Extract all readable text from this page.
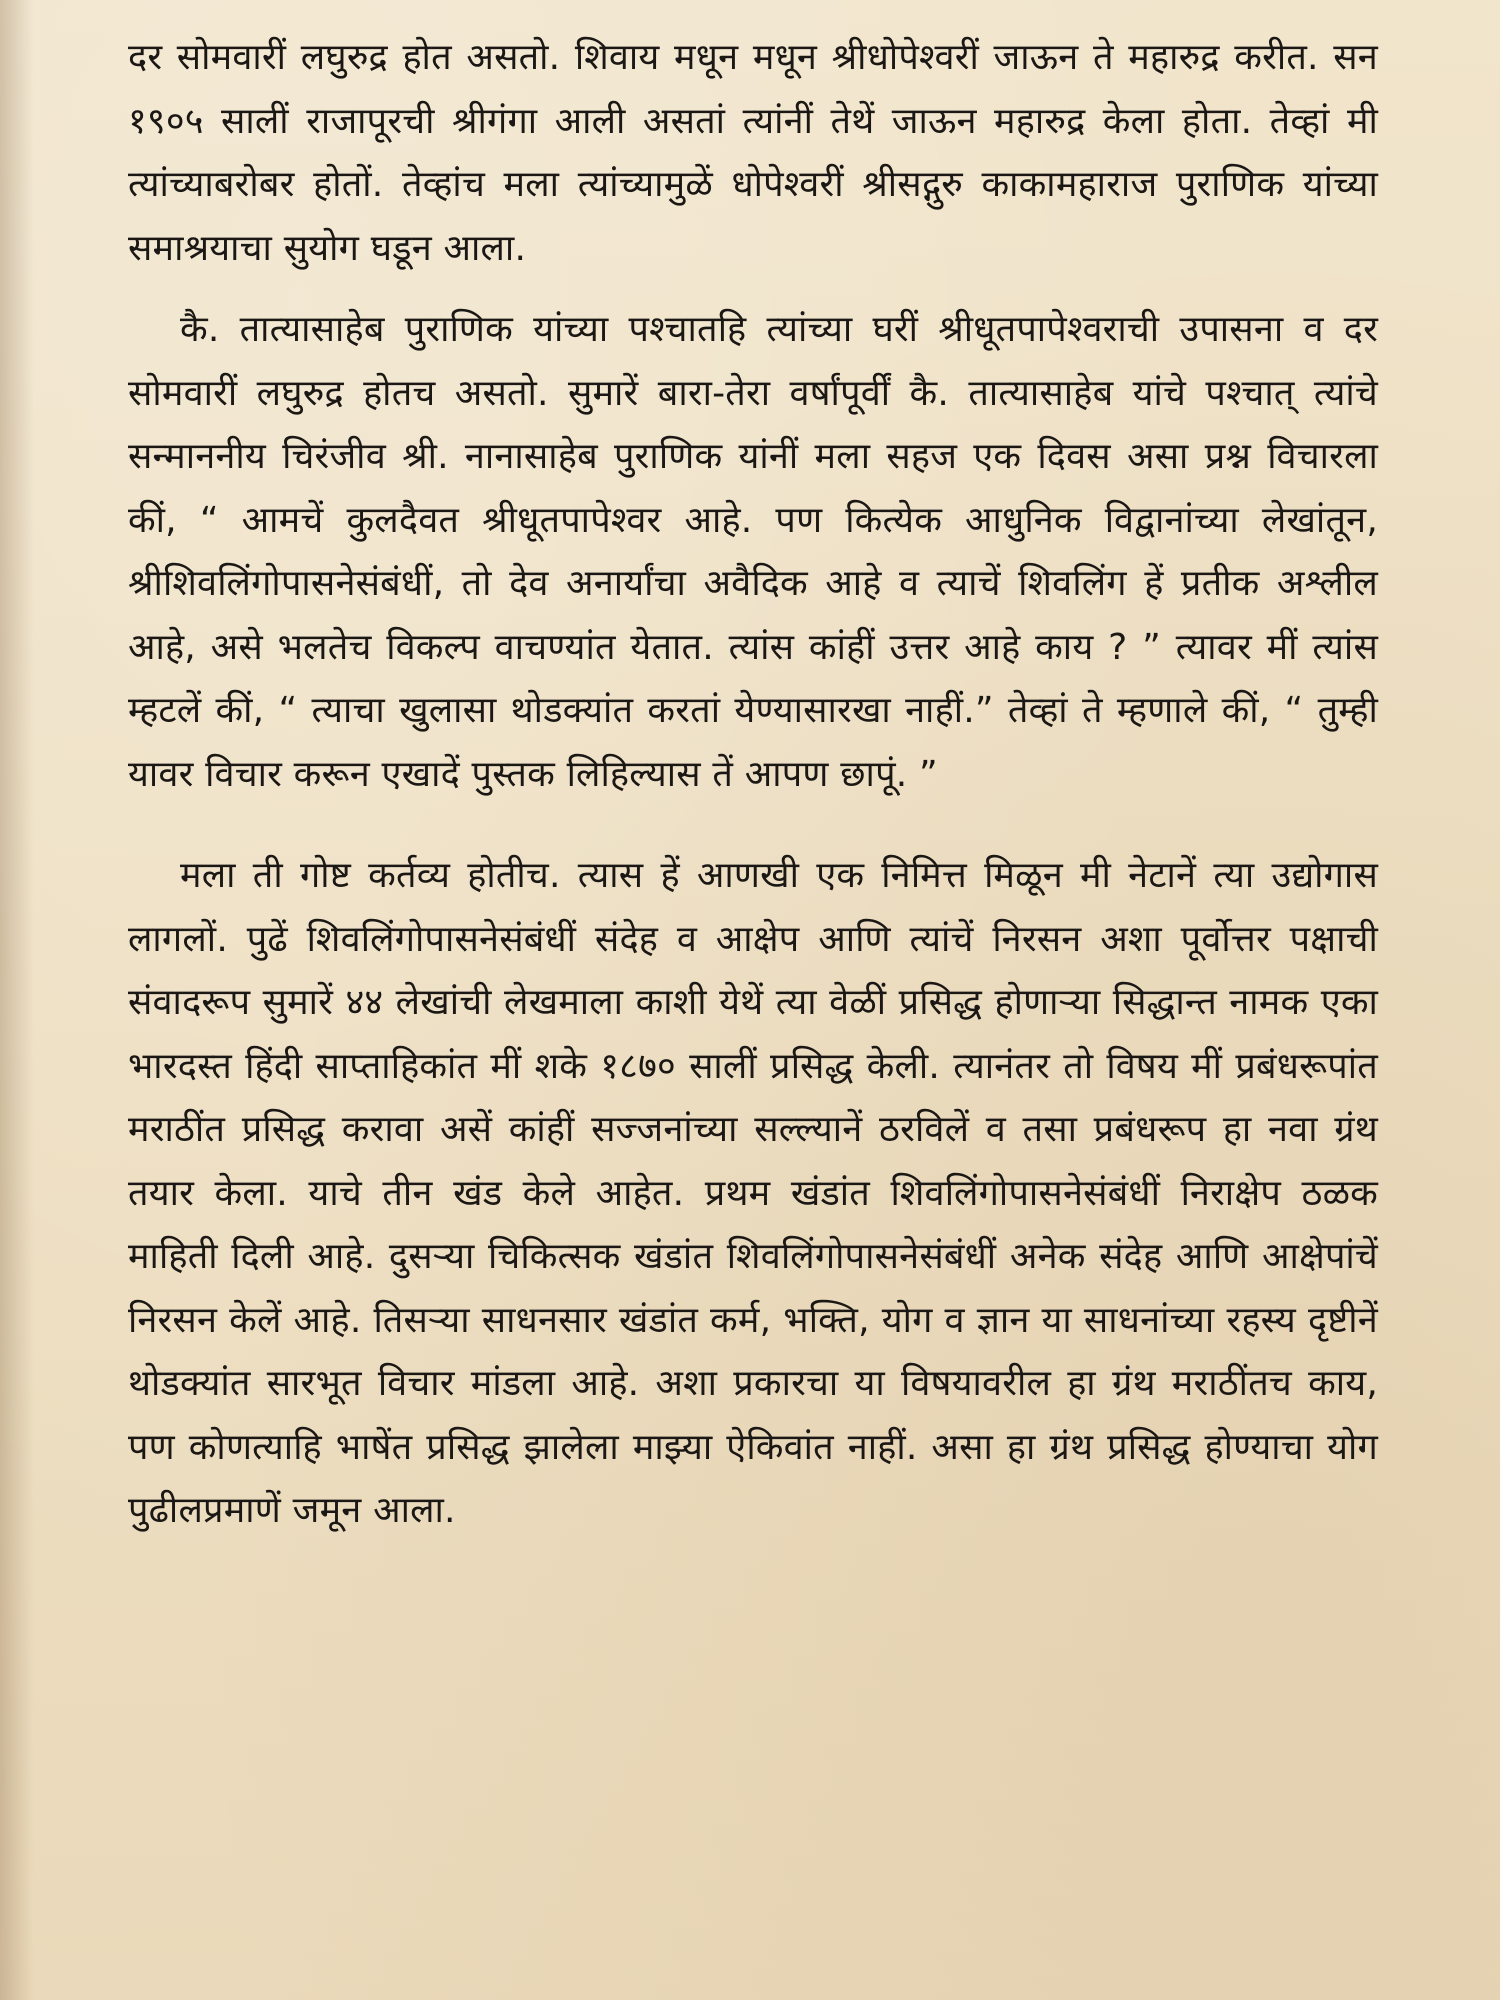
दर सोमवारीं लघुरुद्र होत असतो. शिवाय मधून मधून श्रीधोपेश्वरीं जाऊन ते महारुद्र करीत. सन १९०५ सालीं राजापूरची श्रीगंगा आली असतां त्यांनीं तेथें जाऊन महारुद्र केला होता. तेव्हां मी त्यांच्याबरोबर होतों. तेव्हांच मला त्यांच्यामुळें धोपेश्वरीं श्रीसद्गुरु काकामहाराज पुराणिक यांच्या समाश्रयाचा सुयोग घडून आला.

कै. तात्यासाहेब पुराणिक यांच्या पश्चातहि त्यांच्या घरीं श्रीधूतपापेश्वराची उपासना व दर सोमवारीं लघुरुद्र होतच असतो. सुमारें बारा-तेरा वर्षांपूर्वीं कै. तात्यासाहेब यांचे पश्चात् त्यांचे सन्माननीय चिरंजीव श्री. नानासाहेब पुराणिक यांनीं मला सहज एक दिवस असा प्रश्न विचारला कीं, “ आमचें कुलदैवत श्रीधूतपापेश्वर आहे. पण कित्येक आधुनिक विद्वानांच्या लेखांतून, श्रीशिवलिंगोपासनेसंबंधीं, तो देव अनार्यांचा अवैदिक आहे व त्याचें शिवलिंग हें प्रतीक अश्लील आहे, असे भलतेच विकल्प वाचण्यांत येतात. त्यांस कांहीं उत्तर आहे काय ? ” त्यावर मीं त्यांस म्हटलें कीं, “ त्याचा खुलासा थोडक्यांत करतां येण्यासारखा नाहीं.” तेव्हां ते म्हणाले कीं, “ तुम्ही यावर विचार करून एखादें पुस्तक लिहिल्यास तें आपण छापूं. ”

मला ती गोष्ट कर्तव्य होतीच. त्यास हें आणखी एक निमित्त मिळून मी नेटानें त्या उद्योगास लागलों. पुढें शिवलिंगोपासनेसंबंधीं संदेह व आक्षेप आणि त्यांचें निरसन अशा पूर्वोत्तर पक्षाची संवादरूप सुमारें ४४ लेखांची लेखमाला काशी येथें त्या वेळीं प्रसिद्ध होणाऱ्या सिद्धान्त नामक एका भारदस्त हिंदी साप्ताहिकांत मीं शके १८७० सालीं प्रसिद्ध केली. त्यानंतर तो विषय मीं प्रबंधरूपांत मराठींत प्रसिद्ध करावा असें कांहीं सज्जनांच्या सल्ल्यानें ठरविलें व तसा प्रबंधरूप हा नवा ग्रंथ तयार केला. याचे तीन खंड केले आहेत. प्रथम खंडांत शिवलिंगोपासनेसंबंधीं निराक्षेप ठळक माहिती दिली आहे. दुसऱ्या चिकित्सक खंडांत शिवलिंगोपासनेसंबंधीं अनेक संदेह आणि आक्षेपांचें निरसन केलें आहे. तिसऱ्या साधनसार खंडांत कर्म, भक्ति, योग व ज्ञान या साधनांच्या रहस्य दृष्टीनें थोडक्यांत सारभूत विचार मांडला आहे. अशा प्रकारचा या विषयावरील हा ग्रंथ मराठींतच काय, पण कोणत्याहि भाषेंत प्रसिद्ध झालेला माझ्या ऐकिवांत नाहीं. असा हा ग्रंथ प्रसिद्ध होण्याचा योग पुढीलप्रमाणें जमून आला.
